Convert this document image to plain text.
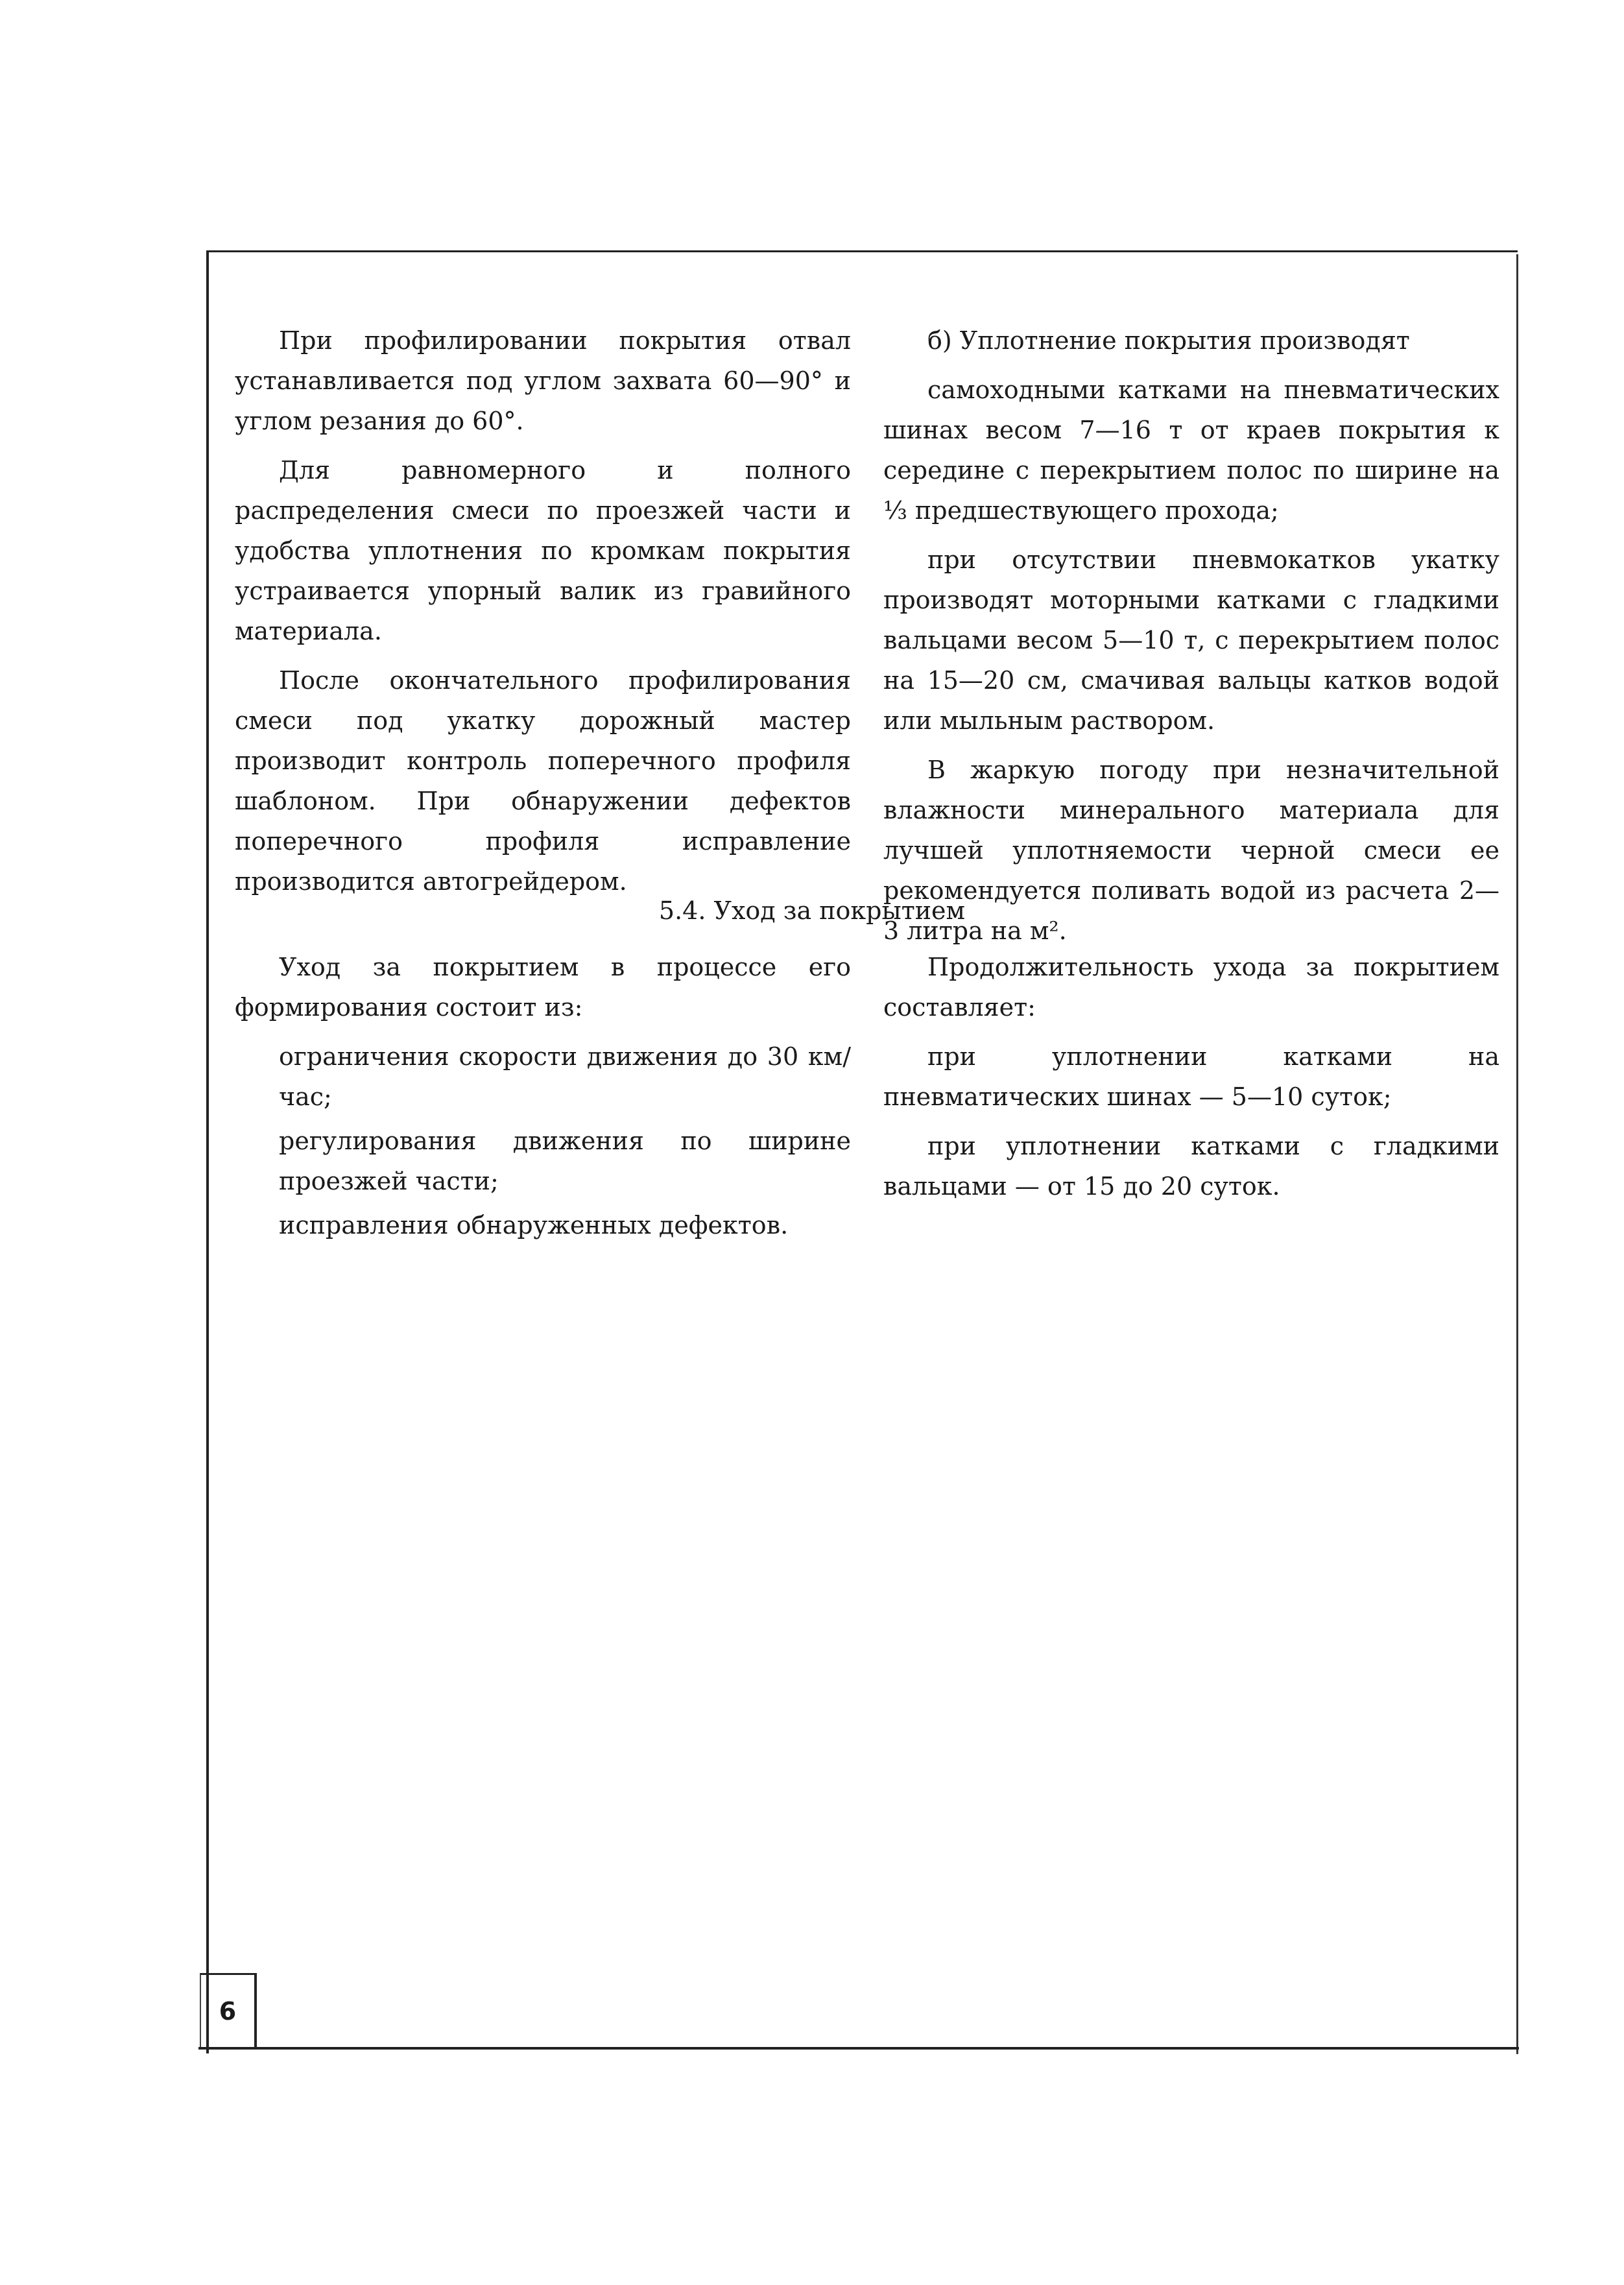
При профилировании покрытия отвал устанавливается под углом захвата 60—90° и углом резания до 60°.

Для равномерного и полного распределения смеси по проезжей части и удобства уплотнения по кромкам покрытия устраивается упорный валик из гравийного материала.

После окончательного профилирования смеси под укатку дорожный мастер производит контроль поперечного профиля шаблоном. При обнаружении дефектов поперечного профиля исправление производится автогрейдером.

б) Уплотнение покрытия производят

самоходными катками на пневматических шинах весом 7—16 т от краев покрытия к середине с перекрытием полос по ширине на ⅓ предшествующего прохода;

при отсутствии пневмокатков укатку производят моторными катками с гладкими вальцами весом 5—10 т, с перекрытием полос на 15—20 см, смачивая вальцы катков водой или мыльным раствором.

В жаркую погоду при незначительной влажности минерального материала для лучшей уплотняемости черной смеси ее рекомендуется поливать водой из расчета 2—3 литра на м².

5.4. Уход за покрытием

Уход за покрытием в процессе его формирования состоит из:

ограничения скорости движения до 30 км/час;

регулирования движения по ширине проезжей части;

исправления обнаруженных дефектов.

Продолжительность ухода за покрытием составляет:

при уплотнении катками на пневматических шинах — 5—10 суток;

при уплотнении катками с гладкими вальцами — от 15 до 20 суток.

6
